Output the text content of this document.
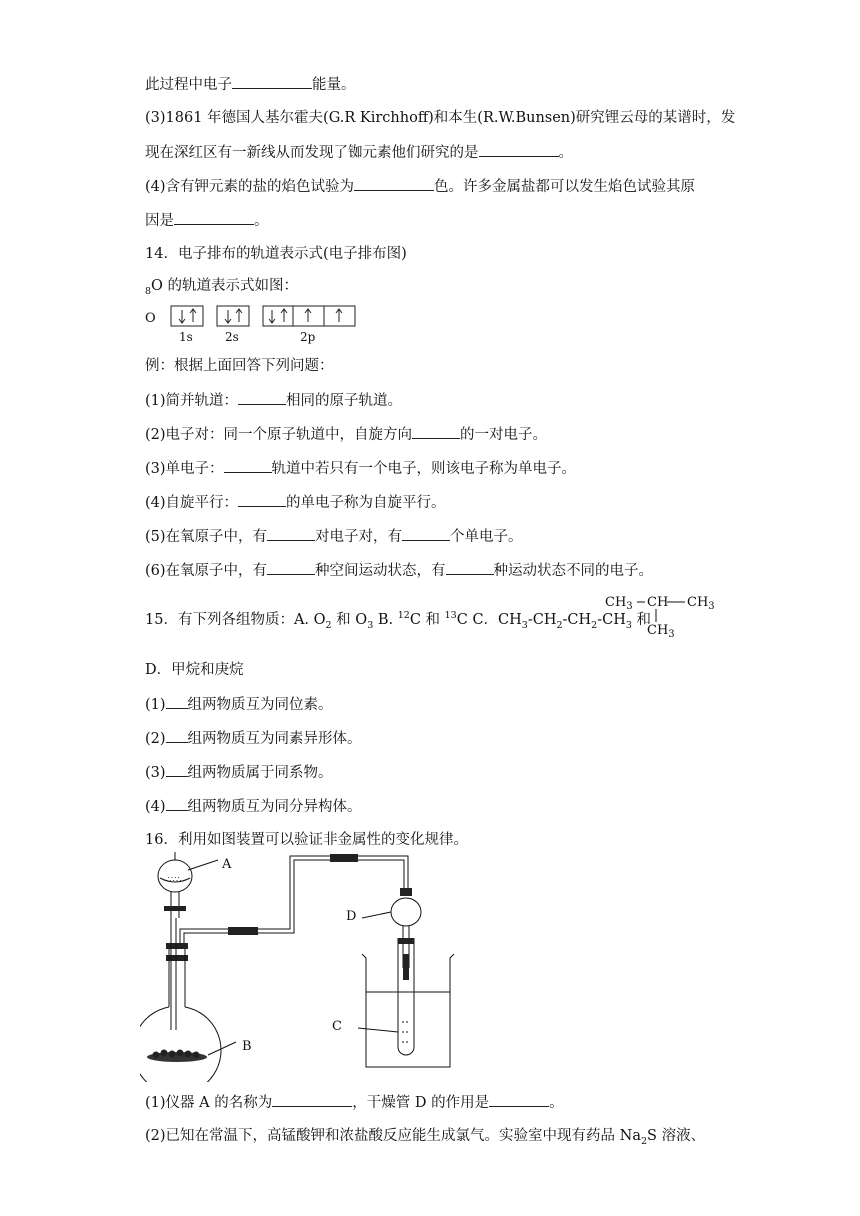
此过程中电子	能量。

(3)1861 年德国人基尔霍夫(G.R Kirchhoff)和本生(R.W.Bunsen)研究锂云母的某谱时，发

现在深红区有一新线从而发现了铷元素他们研究的是	。

(4)含有钾元素的盐的焰色试验为	色。许多金属盐都可以发生焰色试验其原

因是	。

14．电子排布的轨道表示式(电子排布图)

$_8$O 的轨道表示式如图：

O
1s	2s	2p

例：根据上面回答下列问题：

(1)简并轨道：	相同的原子轨道。

(2)电子对：同一个原子轨道中，自旋方向	的一对电子。

(3)单电子：	轨道中若只有一个电子，则该电子称为单电子。

(4)自旋平行：	的单电子称为自旋平行。

(5)在氧原子中，有	对电子对，有	个单电子。

(6)在氧原子中，有	种空间运动状态，有	种运动状态不同的电子。

15．有下列各组物质：A. $O_2$ 和 $O_3$ B. $^{12}$C 和 $^{13}$C C．$CH_3-CH_2-CH_2-CH_3$ 和

$CH_3$ CH $CH_3$
$CH_3$

D．甲烷和庚烷

(1) 组两物质互为同位素。

(2) 组两物质互为同素异形体。

(3) 组两物质属于同系物。

(4) 组两物质互为同分异构体。

16．利用如图装置可以验证非金属性的变化规律。

∴∵∴
A
B
D
C

(1)仪器 A 的名称为	，干燥管 D 的作用是	。

(2)已知在常温下，高锰酸钾和浓盐酸反应能生成氯气。实验室中现有药品 $Na_2S$ 溶液、
